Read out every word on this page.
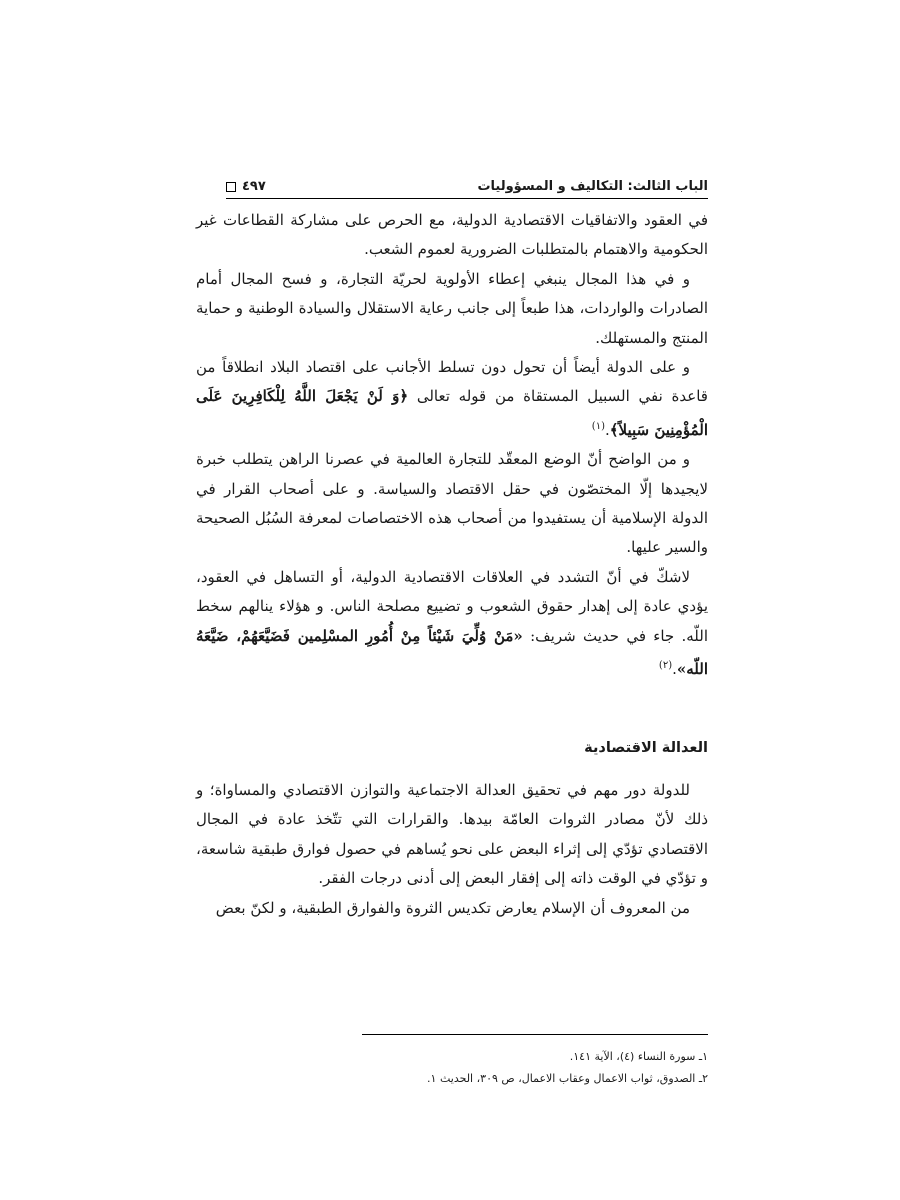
الباب الثالث: التكاليف و المسؤوليات
٤٩٧

في العقود والاتفاقيات الاقتصادية الدولية، مع الحرص على مشاركة القطاعات غير الحكومية والاهتمام بالمتطلبات الضرورية لعموم الشعب.

و في هذا المجال ينبغي إعطاء الأولوية لحريّة التجارة، و فسح المجال أمام الصادرات والواردات، هذا طبعاً إلى جانب رعاية الاستقلال والسيادة الوطنية و حماية المنتج والمستهلك.

و على الدولة أيضاً أن تحول دون تسلط الأجانب على اقتصاد البلاد انطلاقاً من قاعدة نفي السبيل المستقاة من قوله تعالى ﴿وَ لَنْ يَجْعَلَ اللَّهُ لِلْكَافِرِينَ عَلَى الْمُؤْمِنِينَ سَبِيلاً﴾.$^{(١)}$

و من الواضح أنّ الوضع المعقّد للتجارة العالمية في عصرنا الراهن يتطلب خبرة لايجيدها إلّا المختصّون في حقل الاقتصاد والسياسة. و على أصحاب القرار في الدولة الإسلامية أن يستفيدوا من أصحاب هذه الاختصاصات لمعرفة السُبُل الصحيحة والسير عليها.

لاشكّ في أنّ التشدد في العلاقات الاقتصادية الدولية، أو التساهل في العقود، يؤدي عادة إلى إهدار حقوق الشعوب و تضييع مصلحة الناس. و هؤلاء ينالهم سخط اللّه. جاء في حديث شريف: «مَنْ وُلِّيَ شَيْئاً مِنْ أُمُورِ المسْلِمين فَضَيَّعَهُمْ، ضَيَّعَهُ اللّه».$^{(٢)}$

العدالة الاقتصادية

للدولة دور مهم في تحقيق العدالة الاجتماعية والتوازن الاقتصادي والمساواة؛ و ذلك لأنّ مصادر الثروات العامّة بيدها. والقرارات التي تتّخذ عادة في المجال الاقتصادي تؤدّي إلى إثراء البعض على نحو يُساهم في حصول فوارق طبقية شاسعة، و تؤدّي في الوقت ذاته إلى إفقار البعض إلى أدنى درجات الفقر.

من المعروف أن الإسلام يعارض تكديس الثروة والفوارق الطبقية، و لكنّ بعض

١ـ سورة النساء (٤)، الآية ١٤١.
٢ـ الصدوق، ثواب الاعمال وعقاب الاعمال، ص ٣٠٩، الحديث ١.
